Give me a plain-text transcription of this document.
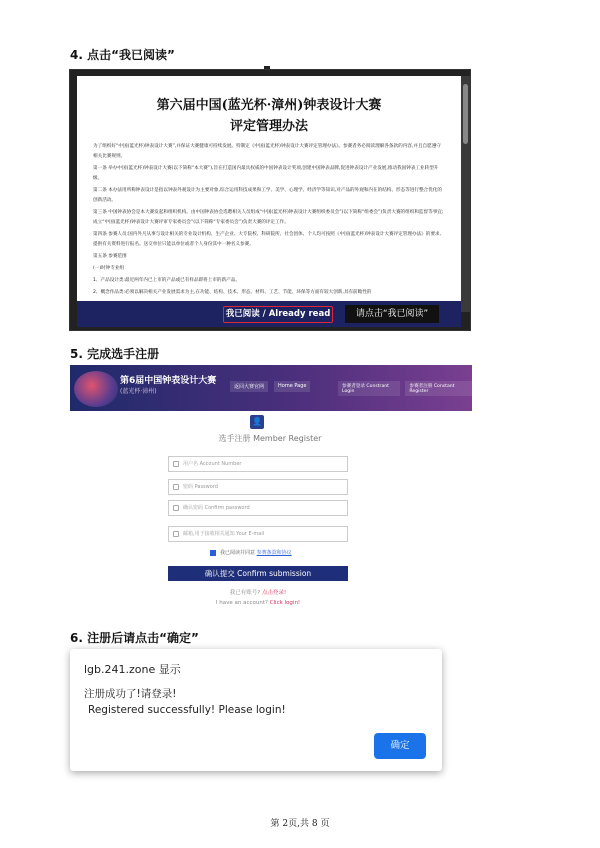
4. 点击“我已阅读”
第六届中国(蓝光杯·漳州)钟表设计大赛
评定管理办法
为了组织好“中国(蓝光杯)钟表设计大赛”,并保证大赛健康可持续发展。特制定《中国(蓝光杯)钟表设计大赛评定管理办法》。参赛者务必阅读理解各条款的内容,并且自愿遵守相关比赛规则。
第一条 举办中国(蓝光杯)钟表设计大赛(以下简称“本大赛”),旨在打造国内最具权威的中国钟表设计奖项,创建中国钟表品牌,促进钟表设计产业发展,推动我国钟表工业转型升级。
第二条 本办法用所称钟表设计是指以钟表外观设计为主要对象,综合运用科技成果和工学、美学、心理学、经济学等知识,对产品的外观和内在的结构、形态等进行整合优化的创新活动。
第三条 中国钟表协会是本大赛发起和组织机构。由中国钟表协会选聘相关人员组成“中国(蓝光杯)钟表设计大赛组织委员会”(以下简称“组委会”)负责大赛的组织和监督等事宜;成立“中国(蓝光杯)钟表设计大赛评审专家委员会”(以下简称“专家委员会”)负责大赛的评定工作。
第四条 参赛人员:国内外凡从事与设计相关的专业设计机构、生产企业、大专院校、科研院所、社会团体、个人均可按照《中国(蓝光杯)钟表设计大赛评定管理办法》的要求,提供有关资料进行报名。送交单位只能以单位或者个人身份其中一种名义参赛。
第五条 参赛范围
(一)时钟专业组
1、产品设计类:最近两年内已上市的产品或已有样品即将上市的新产品。
2、概念作品类:必须以解决相关产业发展需求为主,在功能、结构、技术、形态、材料、工艺、节能、环保等方面有较大创新,具有前瞻性的
我已阅读 / Already read	请点击“我已阅读”
5. 完成选手注册
第6届中国钟表设计大赛
(蓝光杯·漳州)
返回大赛官网	Home Page	参赛者登录 Constrant Login
参赛者注册 Constant Register
👤
选手注册 Member Register
用户名 Account Number
密码 Password
确认密码 Confirm password
邮箱,用于接收相关通知 Your E-mail
我已阅读并同意 参赛条款和协议
确认提交 Confirm submission
我已有账号? 点击登录!
I have an account? Click login!
6. 注册后请点击“确定”
lgb.241.zone 显示
注册成功了!请登录!
Registered successfully! Please login!
确定
第 2页,共 8 页
